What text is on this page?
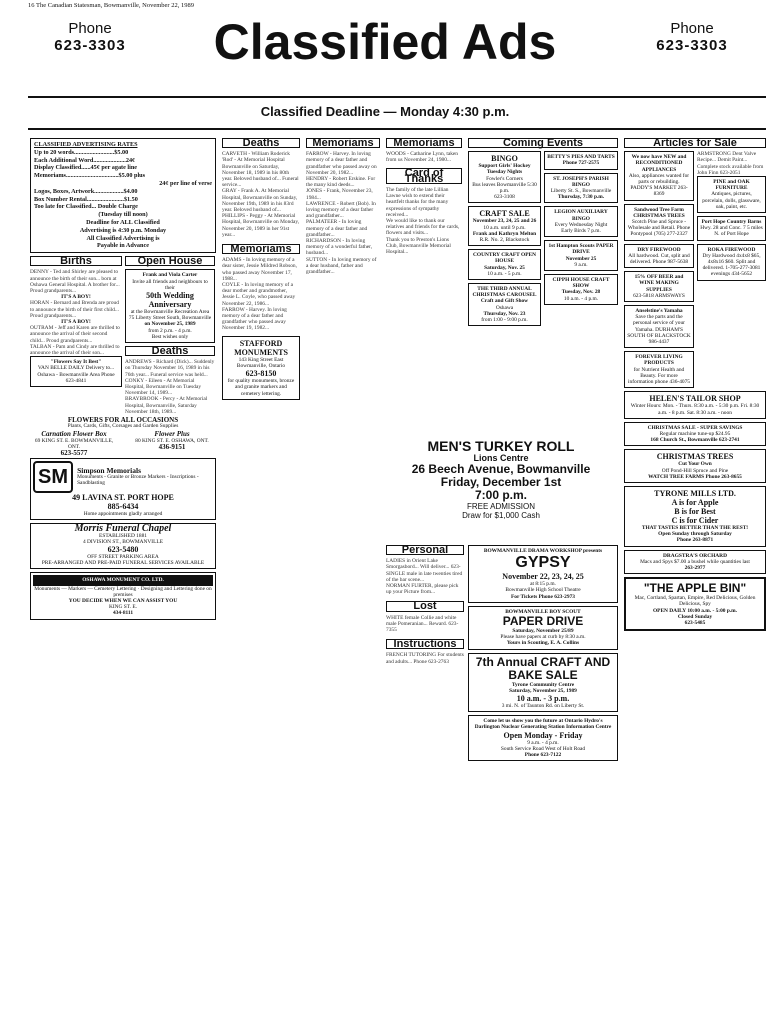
16 The Canadian Statesman, Bowmanville, November 22, 1989
Phone
623-3303	Classified Ads	Phone
623-3303
Classified Deadline — Monday 4:30 p.m.
CLASSIFIED ADVERTISING RATES
Up to 20 words..........................$5.00
Each Additional Word.....................24¢
Display Classified......45¢ per agate line
Memoriams..................................$5.00 plus
24¢ per line of verse
Logos, Boxes, Artwork...................$4.00
Box Number Rental........................$1.50
Too late for Classified... Double Charge
(Tuesday till noon)
Deadline for ALL Classified
Advertising is 4:30 p.m. Monday
All Classified Advertising is
Payable in Advance
Births
DENNY - Ted and Shirley are pleased to announce the birth of their son... born at Oshawa General Hospital. A brother for... Proud grandparents...
IT'S A BOY!
HORAN - Bernard and Brenda are proud to announce the birth of their first child... Proud grandparents...
IT'S A BOY!
OUTRAM - Jeff and Karen are thrilled to announce the arrival of their second child... Proud grandparents...
TALBAN - Pam and Cindy are thrilled to announce the arrival of their son...
"Flowers Say It Best"
VAN BELLE DAILY Delivery to... Oshawa - Bowmanville Area Phone 623-4841
Open House
Frank and Viola Carter
Invite all friends and neighbours to their
50th Wedding Anniversary
at the Bowmanville Recreation Area 75 Liberty Street South, Bowmanville
on November 25, 1989
from 2 p.m. - 4 p.m.
Best wishes only
Deaths
ANDREWS - Richard (Dick)... Suddenly on Thursday November 16, 1989 in his 76th year... Funeral service was held...
CONKY - Eileen - At Memorial Hospital, Bowmanville on Tuesday November 14, 1989...
BRAYBROOK - Percy - At Memorial Hospital, Bowmanville, Saturday November 18th, 1989...
FLOWERS FOR ALL OCCASIONS
Plants, Cards, Gifts, Corsages and Garden Supplies
Carnation Flower Box
69 KING ST. E. BOWMANVILLE, ONT.
623-5577
Flower Plus
80 KING ST. E. OSHAWA, ONT.
436-9151
SM	Simpson Memorials
Monuments - Granite or Bronze Markers - Inscriptions - Sandblasting
49 LAVINA ST. PORT HOPE
885-6434
Home appointments gladly arranged
Morris Funeral Chapel
ESTABLISHED 1881
4 DIVISION ST., BOWMANVILLE
623-5480
OFF STREET PARKING AREA
PRE-ARRANGED AND PRE-PAID FUNERAL SERVICES AVAILABLE
OSHAWA MONUMENT CO. LTD.
Monuments — Markers — Cemetery Lettering · Designing and Lettering done on premises
YOU DECIDE WHEN WE CAN ASSIST YOU
KING ST. E.
434-8111
Deaths
CARVETH - William Roderick 'Rod' - At Memorial Hospital Bowmanville on Saturday, November 18, 1989 in his 80th year. Beloved husband of... Funeral service...
GRAY - Frank A. At Memorial Hospital, Bowmanville on Sunday, November 19th, 1989 in his 83rd year. Beloved husband of...
PHILLIPS - Peggy - At Memorial Hospital, Bowmanville on Monday, November 20, 1989 in her 91st year...
Memoriams
ADAMS - In loving memory of a dear sister, Jessie Mildred Robson, who passed away November 17, 1988...
COYLE - In loving memory of a dear mother and grandmother, Jessie L. Coyle, who passed away November 22, 1986...
FARROW - Harvey. In loving memory of a dear father and grandfather who passed away November 19, 1982...
STAFFORD MONUMENTS
143 King Street East Bowmanville, Ontario
623-8150
for quality monuments, bronze and granite markers and cemetery lettering.
Memoriams
FARROW - Harvey. In loving memory of a dear father and grandfather who passed away on November 20, 1982...
HENDRY - Robert Erskine. For the many kind deeds...
JONES - Frank, November 23, 1984...
LAWRENCE - Robert (Bob). In loving memory of a dear father and grandfather...
PALMATEER - In loving memory of a dear father and grandfather...
RICHARDSON - In loving memory of a wonderful father, husband...
SUTTON - In loving memory of a dear husband, father and grandfather...
Memoriams
WOODS - Catharine Lynn, taken from us November 24, 1980...
Card of Thanks
The family of the late Lillian Lawne wish to extend their heartfelt thanks for the many expressions of sympathy received...
We would like to thank our relatives and friends for the cards, flowers and visits...
Thank you to Preston's Lions Club, Bowmanville Memorial Hospital...
Coming Events
BINGO
Support Girls' Hockey
Tuesday Nights
Fowler's Corners
Bus leaves Bowmanville 5:30 p.m.
623-3108
CRAFT SALE
November 23, 24, 25 and 26
10 a.m. until 9 p.m.
Frank and Kathryn Melton
R.R. No. 2, Blackstock
COUNTRY CRAFT OPEN HOUSE
Saturday, Nov. 25
10 a.m. - 5 p.m.
THE THIRD ANNUAL CHRISTMAS CAROUSEL Craft and Gift Show
Oshawa
Thursday, Nov. 23
from 1:00 - 9:00 p.m.
BETTY'S PIES AND TARTS
Phone 727-2575
ST. JOSEPH'S PARISH BINGO
Liberty St. S., Bowmanville
Thursday, 7:30 p.m.
LEGION AUXILIARY BINGO
Every Wednesday Night
Early Birds 7 p.m.
1st Hampton Scouts PAPER DRIVE
November 25
9 a.m.
CIPPH HOUSE CRAFT SHOW
Tuesday, Nov. 28
10 a.m. - 4 p.m.
MEN'S TURKEY ROLL
Lions Centre
26 Beech Avenue, Bowmanville
Friday, December 1st
7:00 p.m.
FREE ADMISSION
Draw for $1,000 Cash
Personal
LADIES in Orient Lake Smorgasbord... Will deliver... 623-
SINGLE male in late twenties tired of the bar scene...
NORMAN FURTER, please pick up your Picture from...
Lost
WHITE female Collie and white male Pomeranian... Reward. 623-7355
Instructions
FRENCH TUTORING For students and adults... Phone 623-2763
BOWMANVILLE DRAMA WORKSHOP presents
GYPSY
November 22, 23, 24, 25
at 8:15 p.m.
Bowmanville High School Theatre
For Tickets Phone 623-2973
BOWMANVILLE BOY SCOUT
PAPER DRIVE
Saturday, November 25/89
Please have papers at curb by 8:30 a.m.
Yours in Scouting, E. A. Collins
7th Annual CRAFT AND BAKE SALE
Tyrone Community Centre
Saturday, November 25, 1989
10 a.m. - 3 p.m.
3 mi. N. of Taunton Rd. on Liberty St.
Come let us show you the future at Ontario Hydro's
Darlington Nuclear Generating Station Information Centre
Open Monday - Friday
9 a.m. - 4 p.m.
South Service Road West of Holt Road
Phone 623-7122
Articles for Sale
We now have NEW and RECONDITIONED APPLIANCES
Also, appliances wanted for parts or rebuilding. PADDY'S MARKET 263-8369
Sandwood Tree Farm CHRISTMAS TREES
Scotch Pine and Spruce - Wholesale and Retail. Phone Pontypool (705) 277-2327
DRY FIREWOOD
All hardwood. Cut, split and delivered. Phone 987-5638
15% OFF BEER and WINE MAKING SUPPLIES
623-5818 ARMSWAYS
Anselstine's Yamaha
Save the parts and the personal service of your Yamaha. DURHAM'S SOUTH OF BLACKSTOCK 986-4437
FOREVER LIVING PRODUCTS
for Nutrient Health and Beauty. For more information phone 436-4075
ARMSTRONG Dent Valve Recipe... Demit Paint... Complete stock available from John Finn 623-2051
PINE and OAK FURNITURE
Antiques, pictures, porcelain, dolls, glassware, oak, paint, etc.
Port Hope Country Barns
Hwy. 28 and Conc. 7 5 miles N. of Port Hope
ROKA FIREWOOD
Dry Hardwood 4x4x8 $65, 4x8x16 $60. Split and delivered. 1-705-277-3081 evenings 434-5652
HELEN'S TAILOR SHOP
Winter Hours: Mon. - Thurs. 8:30 a.m. - 5:30 p.m. Fri. 8:30 a.m. - 8 p.m. Sat. 8:30 a.m. - noon
CHRISTMAS SALE - SUPER SAVINGS
Regular machine tune-up $24.95
168 Church St., Bowmanville 623-2741
CHRISTMAS TREES
Cut Your Own
Off Pond-Hill Spruce and Pine
WATCH TREE FARMS Phone 263-8655
TYRONE MILLS LTD.
A is for Apple
B is for Best
C is for Cider
THAT TASTES BETTER THAN THE REST!
Open Sunday through Saturday
Phone 263-8871
DRAGSTRA'S ORCHARD
Macs and Spys $7.00 a bushel while quantities last
263-2977
"THE APPLE BIN"
Mac, Cortland, Spartan, Empire, Red Delicious, Golden Delicious, Spy
OPEN DAILY 10:00 a.m. - 5:00 p.m.
Closed Sunday
623-5485
